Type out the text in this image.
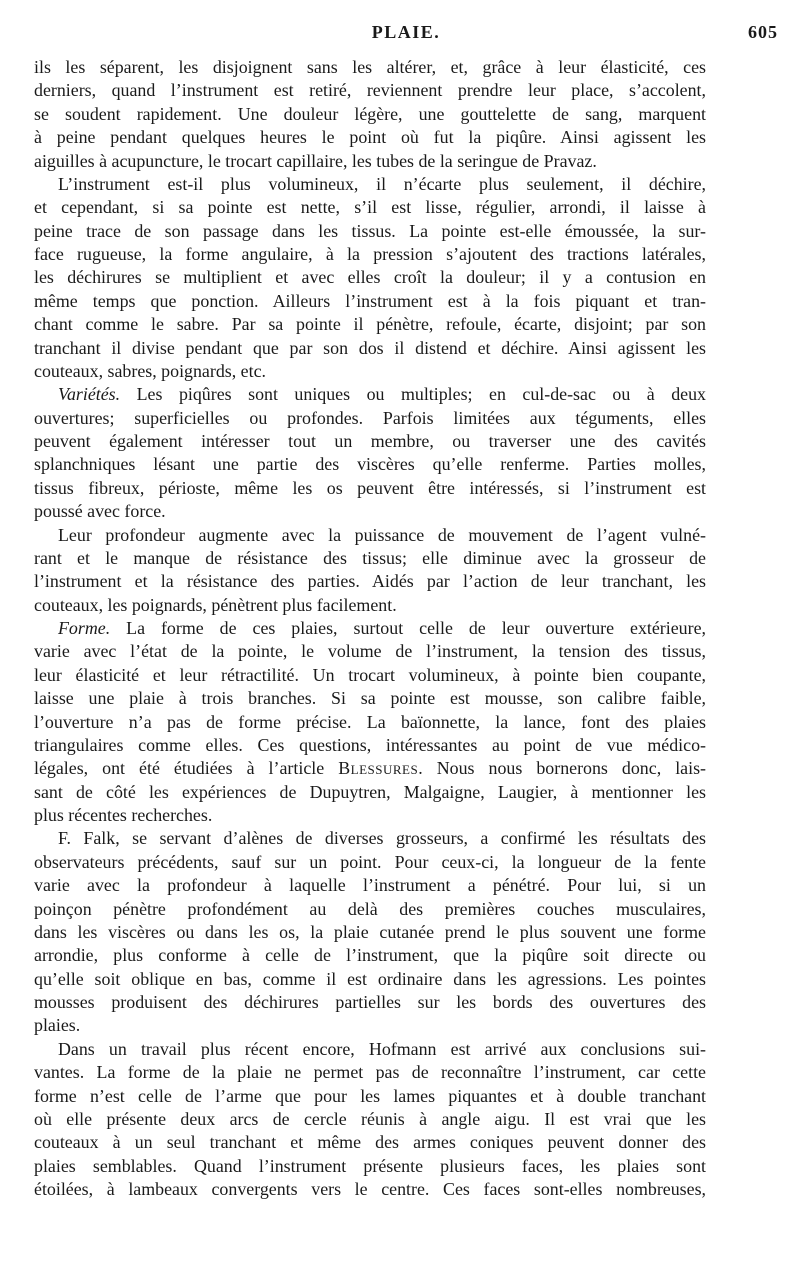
PLAIE.	605
ils les séparent, les disjoignent sans les altérer, et, grâce à leur élasticité, ces
derniers, quand l’instrument est retiré, reviennent prendre leur place, s’accolent,
se soudent rapidement. Une douleur légère, une gouttelette de sang, marquent
à peine pendant quelques heures le point où fut la piqûre. Ainsi agissent les
aiguilles à acupuncture, le trocart capillaire, les tubes de la seringue de Pravaz.
L’instrument est-il plus volumineux, il n’écarte plus seulement, il déchire,
et cependant, si sa pointe est nette, s’il est lisse, régulier, arrondi, il laisse à
peine trace de son passage dans les tissus. La pointe est-elle émoussée, la sur-
face rugueuse, la forme angulaire, à la pression s’ajoutent des tractions latérales,
les déchirures se multiplient et avec elles croît la douleur; il y a contusion en
même temps que ponction. Ailleurs l’instrument est à la fois piquant et tran-
chant comme le sabre. Par sa pointe il pénètre, refoule, écarte, disjoint; par son
tranchant il divise pendant que par son dos il distend et déchire. Ainsi agissent les
couteaux, sabres, poignards, etc.
Variétés. Les piqûres sont uniques ou multiples; en cul-de-sac ou à deux
ouvertures; superficielles ou profondes. Parfois limitées aux téguments, elles
peuvent également intéresser tout un membre, ou traverser une des cavités
splanchniques lésant une partie des viscères qu’elle renferme. Parties molles,
tissus fibreux, périoste, même les os peuvent être intéressés, si l’instrument est
poussé avec force.
Leur profondeur augmente avec la puissance de mouvement de l’agent vulné-
rant et le manque de résistance des tissus; elle diminue avec la grosseur de
l’instrument et la résistance des parties. Aidés par l’action de leur tranchant, les
couteaux, les poignards, pénètrent plus facilement.
Forme. La forme de ces plaies, surtout celle de leur ouverture extérieure,
varie avec l’état de la pointe, le volume de l’instrument, la tension des tissus,
leur élasticité et leur rétractilité. Un trocart volumineux, à pointe bien coupante,
laisse une plaie à trois branches. Si sa pointe est mousse, son calibre faible,
l’ouverture n’a pas de forme précise. La baïonnette, la lance, font des plaies
triangulaires comme elles. Ces questions, intéressantes au point de vue médico-
légales, ont été étudiées à l’article Blessures. Nous nous bornerons donc, lais-
sant de côté les expériences de Dupuytren, Malgaigne, Laugier, à mentionner les
plus récentes recherches.
F. Falk, se servant d’alènes de diverses grosseurs, a confirmé les résultats des
observateurs précédents, sauf sur un point. Pour ceux-ci, la longueur de la fente
varie avec la profondeur à laquelle l’instrument a pénétré. Pour lui, si un
poinçon pénètre profondément au delà des premières couches musculaires,
dans les viscères ou dans les os, la plaie cutanée prend le plus souvent une forme
arrondie, plus conforme à celle de l’instrument, que la piqûre soit directe ou
qu’elle soit oblique en bas, comme il est ordinaire dans les agressions. Les pointes
mousses produisent des déchirures partielles sur les bords des ouvertures des
plaies.
Dans un travail plus récent encore, Hofmann est arrivé aux conclusions sui-
vantes. La forme de la plaie ne permet pas de reconnaître l’instrument, car cette
forme n’est celle de l’arme que pour les lames piquantes et à double tranchant
où elle présente deux arcs de cercle réunis à angle aigu. Il est vrai que les
couteaux à un seul tranchant et même des armes coniques peuvent donner des
plaies semblables. Quand l’instrument présente plusieurs faces, les plaies sont
étoilées, à lambeaux convergents vers le centre. Ces faces sont-elles nombreuses,
